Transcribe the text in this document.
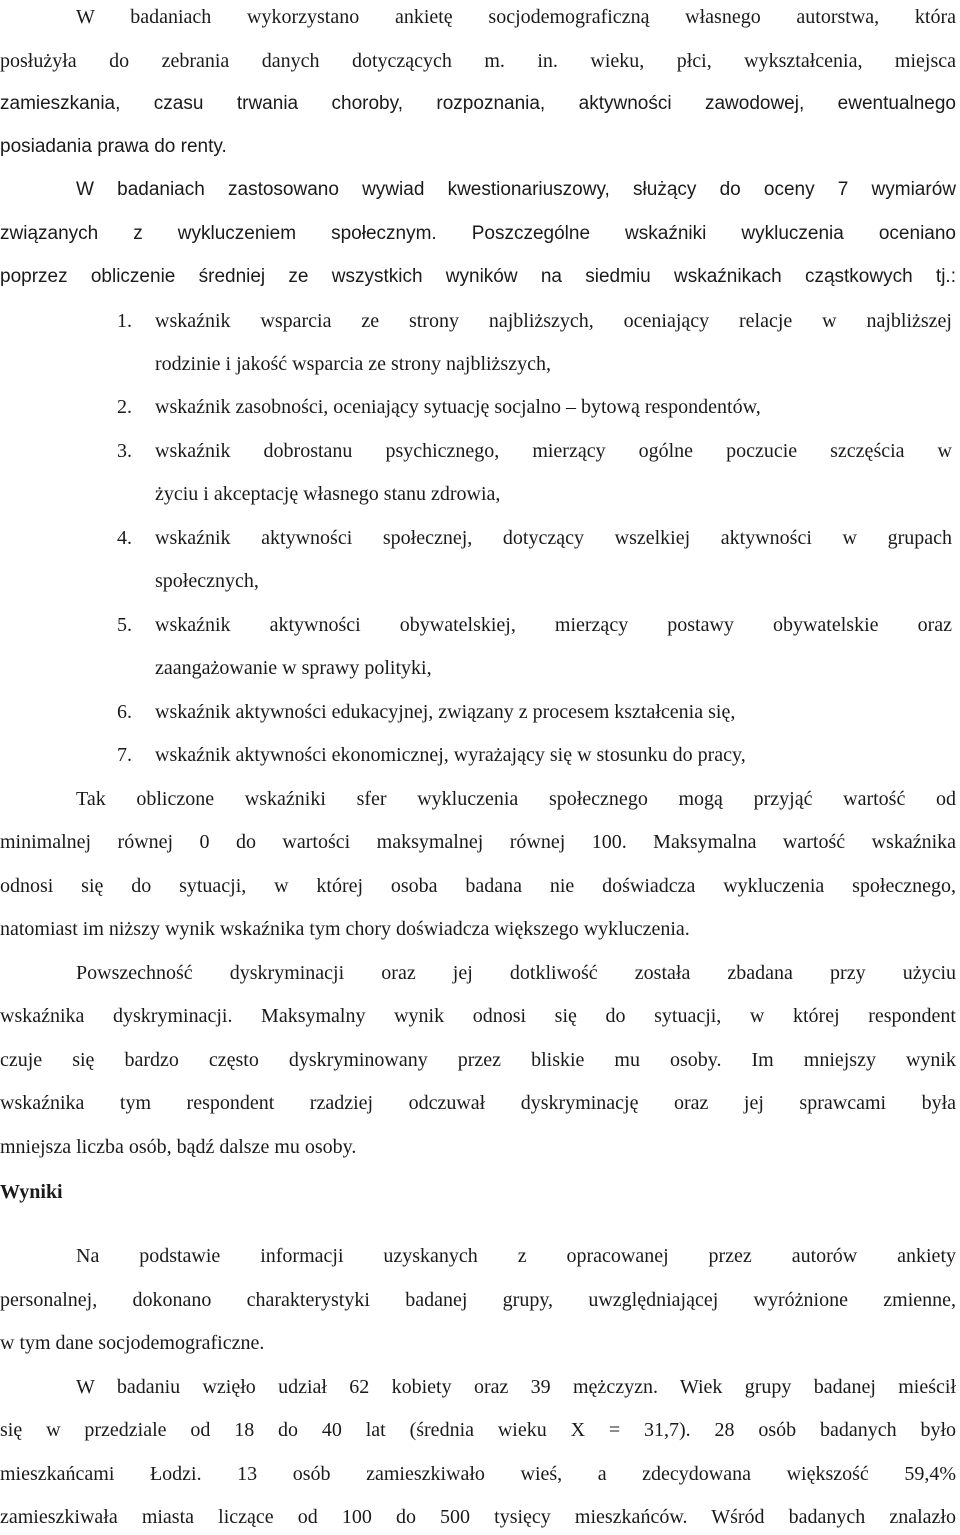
W badaniach wykorzystano ankietę socjodemograficzną własnego autorstwa, która
posłużyła do zebrania danych dotyczących m. in. wieku, płci, wykształcenia, miejsca
zamieszkania, czasu trwania choroby, rozpoznania, aktywności zawodowej, ewentualnego
posiadania prawa do renty.
W badaniach zastosowano wywiad kwestionariuszowy, służący do oceny 7 wymiarów
związanych z wykluczeniem społecznym. Poszczególne wskaźniki wykluczenia oceniano
poprzez obliczenie średniej ze wszystkich wyników na siedmiu wskaźnikach cząstkowych tj.:
1. wskaźnik wsparcia ze strony najbliższych, oceniający relacje w najbliższej
rodzinie i jakość wsparcia ze strony najbliższych,
2. wskaźnik zasobności, oceniający sytuację socjalno – bytową respondentów,
3. wskaźnik dobrostanu psychicznego, mierzący ogólne poczucie szczęścia w
życiu i akceptację własnego stanu zdrowia,
4. wskaźnik aktywności społecznej, dotyczący wszelkiej aktywności w grupach
społecznych,
5. wskaźnik aktywności obywatelskiej, mierzący postawy obywatelskie oraz
zaangażowanie w sprawy polityki,
6. wskaźnik aktywności edukacyjnej, związany z procesem kształcenia się,
7. wskaźnik aktywności ekonomicznej, wyrażający się w stosunku do pracy,
Tak obliczone wskaźniki sfer wykluczenia społecznego mogą przyjąć wartość od
minimalnej równej 0 do wartości maksymalnej równej 100. Maksymalna wartość wskaźnika
odnosi się do sytuacji, w której osoba badana nie doświadcza wykluczenia społecznego,
natomiast im niższy wynik wskaźnika tym chory doświadcza większego wykluczenia.
Powszechność dyskryminacji oraz jej dotkliwość została zbadana przy użyciu
wskaźnika dyskryminacji. Maksymalny wynik odnosi się do sytuacji, w której respondent
czuje się bardzo często dyskryminowany przez bliskie mu osoby. Im mniejszy wynik
wskaźnika tym respondent rzadziej odczuwał dyskryminację oraz jej sprawcami była
mniejsza liczba osób, bądź dalsze mu osoby.
Wyniki
Na podstawie informacji uzyskanych z opracowanej przez autorów ankiety
personalnej, dokonano charakterystyki badanej grupy, uwzględniającej wyróżnione zmienne,
w tym dane socjodemograficzne.
W badaniu wzięło udział 62 kobiety oraz 39 mężczyzn. Wiek grupy badanej mieścił
się w przedziale od 18 do 40 lat (średnia wieku X = 31,7). 28 osób badanych było
mieszkańcami Łodzi. 13 osób zamieszkiwało wieś, a zdecydowana większość 59,4%
zamieszkiwała miasta liczące od 100 do 500 tysięcy mieszkańców. Wśród badanych znalazło
